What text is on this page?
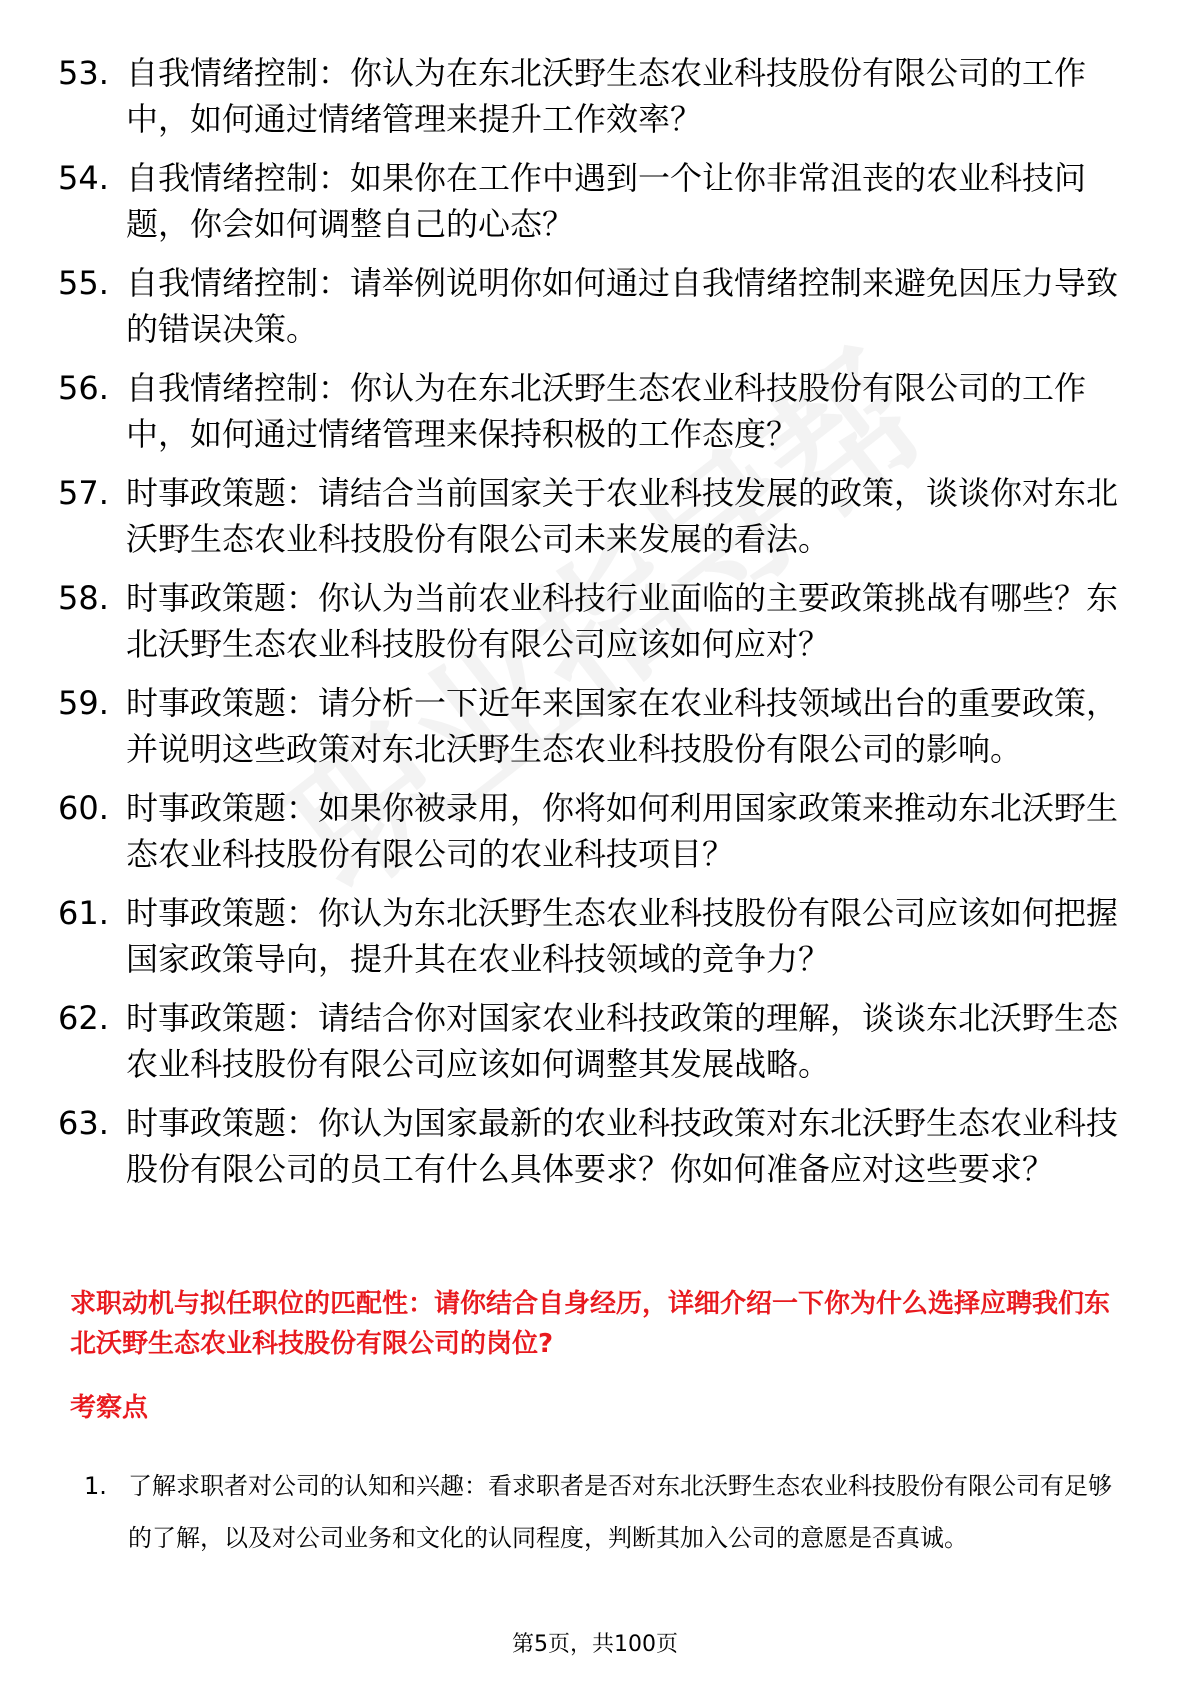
53. 自我情绪控制：你认为在东北沃野生态农业科技股份有限公司的工作中，如何通过情绪管理来提升工作效率？
54. 自我情绪控制：如果你在工作中遇到一个让你非常沮丧的农业科技问题，你会如何调整自己的心态？
55. 自我情绪控制：请举例说明你如何通过自我情绪控制来避免因压力导致的错误决策。
56. 自我情绪控制：你认为在东北沃野生态农业科技股份有限公司的工作中，如何通过情绪管理来保持积极的工作态度？
57. 时事政策题：请结合当前国家关于农业科技发展的政策，谈谈你对东北沃野生态农业科技股份有限公司未来发展的看法。
58. 时事政策题：你认为当前农业科技行业面临的主要政策挑战有哪些？东北沃野生态农业科技股份有限公司应该如何应对？
59. 时事政策题：请分析一下近年来国家在农业科技领域出台的重要政策，并说明这些政策对东北沃野生态农业科技股份有限公司的影响。
60. 时事政策题：如果你被录用，你将如何利用国家政策来推动东北沃野生态农业科技股份有限公司的农业科技项目？
61. 时事政策题：你认为东北沃野生态农业科技股份有限公司应该如何把握国家政策导向，提升其在农业科技领域的竞争力？
62. 时事政策题：请结合你对国家农业科技政策的理解，谈谈东北沃野生态农业科技股份有限公司应该如何调整其发展战略。
63. 时事政策题：你认为国家最新的农业科技政策对东北沃野生态农业科技股份有限公司的员工有什么具体要求？你如何准备应对这些要求？
求职动机与拟任职位的匹配性：请你结合自身经历，详细介绍一下你为什么选择应聘我们东北沃野生态农业科技股份有限公司的岗位?
考察点
1. 了解求职者对公司的认知和兴趣：看求职者是否对东北沃野生态农业科技股份有限公司有足够的了解，以及对公司业务和文化的认同程度，判断其加入公司的意愿是否真诚。
第5页，共100页
